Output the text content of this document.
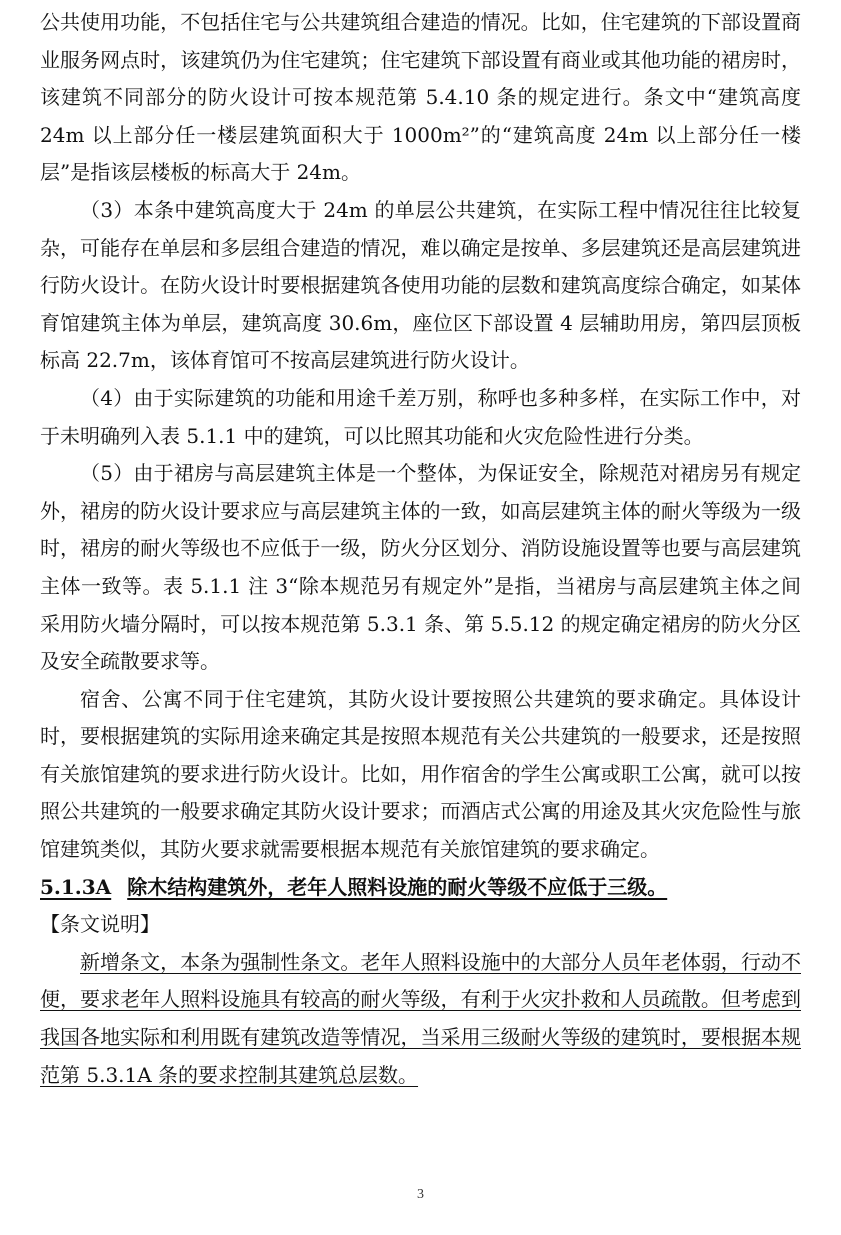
公共使用功能，不包括住宅与公共建筑组合建造的情况。比如，住宅建筑的下部设置商业服务网点时，该建筑仍为住宅建筑；住宅建筑下部设置有商业或其他功能的裙房时，该建筑不同部分的防火设计可按本规范第 5.4.10 条的规定进行。条文中“建筑高度 24m 以上部分任一楼层建筑面积大于 1000m²”的“建筑高度 24m 以上部分任一楼层”是指该层楼板的标高大于 24m。

（3）本条中建筑高度大于 24m 的单层公共建筑，在实际工程中情况往往比较复杂，可能存在单层和多层组合建造的情况，难以确定是按单、多层建筑还是高层建筑进行防火设计。在防火设计时要根据建筑各使用功能的层数和建筑高度综合确定，如某体育馆建筑主体为单层，建筑高度 30.6m，座位区下部设置 4 层辅助用房，第四层顶板标高 22.7m，该体育馆可不按高层建筑进行防火设计。

（4）由于实际建筑的功能和用途千差万别，称呼也多种多样，在实际工作中，对于未明确列入表 5.1.1 中的建筑，可以比照其功能和火灾危险性进行分类。

（5）由于裙房与高层建筑主体是一个整体，为保证安全，除规范对裙房另有规定外，裙房的防火设计要求应与高层建筑主体的一致，如高层建筑主体的耐火等级为一级时，裙房的耐火等级也不应低于一级，防火分区划分、消防设施设置等也要与高层建筑主体一致等。表 5.1.1 注 3“除本规范另有规定外”是指，当裙房与高层建筑主体之间采用防火墙分隔时，可以按本规范第 5.3.1 条、第 5.5.12 的规定确定裙房的防火分区及安全疏散要求等。

宿舍、公寓不同于住宅建筑，其防火设计要按照公共建筑的要求确定。具体设计时，要根据建筑的实际用途来确定其是按照本规范有关公共建筑的一般要求，还是按照有关旅馆建筑的要求进行防火设计。比如，用作宿舍的学生公寓或职工公寓，就可以按照公共建筑的一般要求确定其防火设计要求；而酒店式公寓的用途及其火灾危险性与旅馆建筑类似，其防火要求就需要根据本规范有关旅馆建筑的要求确定。

5.1.3A 除木结构建筑外，老年人照料设施的耐火等级不应低于三级。

【条文说明】

新增条文，本条为强制性条文。老年人照料设施中的大部分人员年老体弱，行动不便，要求老年人照料设施具有较高的耐火等级，有利于火灾扑救和人员疏散。但考虑到我国各地实际和利用既有建筑改造等情况，当采用三级耐火等级的建筑时，要根据本规范第 5.3.1A 条的要求控制其建筑总层数。

3
